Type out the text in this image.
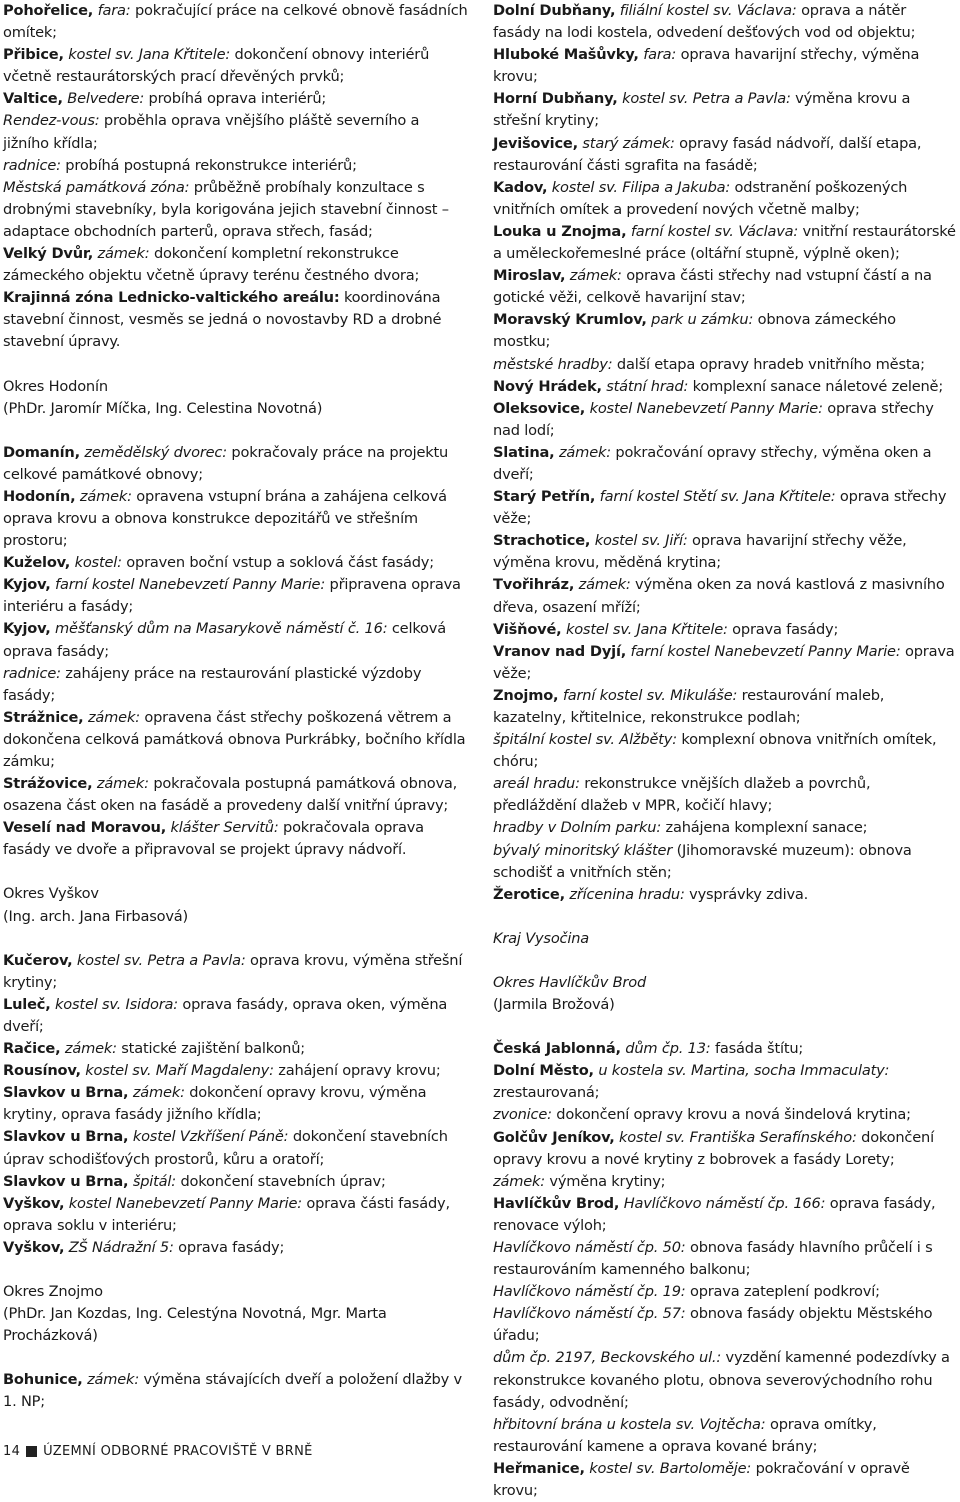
Pohořelice, fara: pokračující práce na celkové obnově fasádních omítek;

Přibice, kostel sv. Jana Křtitele: dokončení obnovy interiérů včetně restaurátorských prací dřevěných prvků;

Valtice, Belvedere: probíhá oprava interiérů;

Rendez-vous: proběhla oprava vnějšího pláště severního a jižního křídla;

radnice: probíhá postupná rekonstrukce interiérů;

Městská památková zóna: průběžně probíhaly konzultace s drobnými stavebníky, byla korigována jejich stavební činnost – adaptace obchodních parterů, oprava střech, fasád;

Velký Dvůr, zámek: dokončení kompletní rekonstrukce zámeckého objektu včetně úpravy terénu čestného dvora;

Krajinná zóna Lednicko-valtického areálu: koordinována stavební činnost, vesměs se jedná o novostavby RD a drobné stavební úpravy.

Okres Hodonín

(PhDr. Jaromír Míčka, Ing. Celestina Novotná)

Domanín, zemědělský dvorec: pokračovaly práce na projektu celkové památkové obnovy;

Hodonín, zámek: opravena vstupní brána a zahájena celková oprava krovu a obnova konstrukce depozitářů ve střešním prostoru;

Kuželov, kostel: opraven boční vstup a soklová část fasády;

Kyjov, farní kostel Nanebevzetí Panny Marie: připravena oprava interiéru a fasády;

Kyjov, měšťanský dům na Masarykově náměstí č. 16: celková oprava fasády;

radnice: zahájeny práce na restaurování plastické výzdoby fasády;

Strážnice, zámek: opravena část střechy poškozená větrem a dokončena celková památková obnova Purkrábky, bočního křídla zámku;

Strážovice, zámek: pokračovala postupná památková obnova, osazena část oken na fasádě a provedeny další vnitřní úpravy;

Veselí nad Moravou, klášter Servitů: pokračovala oprava fasády ve dvoře a připravoval se projekt úpravy nádvoří.

Okres Vyškov

(Ing. arch. Jana Firbasová)

Kučerov, kostel sv. Petra a Pavla: oprava krovu, výměna střešní krytiny;

Luleč, kostel sv. Isidora: oprava fasády, oprava oken, výměna dveří;

Račice, zámek: statické zajištění balkonů;

Rousínov, kostel sv. Maří Magdaleny: zahájení opravy krovu;

Slavkov u Brna, zámek: dokončení opravy krovu, výměna krytiny, oprava fasády jižního křídla;

Slavkov u Brna, kostel Vzkříšení Páně: dokončení stavebních úprav schodišťových prostorů, kůru a oratoří;

Slavkov u Brna, špitál: dokončení stavebních úprav;

Vyškov, kostel Nanebevzetí Panny Marie: oprava části fasády, oprava soklu v interiéru;

Vyškov, ZŠ Nádražní 5: oprava fasády;

Okres Znojmo

(PhDr. Jan Kozdas, Ing. Celestýna Novotná, Mgr. Marta Procházková)

Bohunice, zámek: výměna stávajících dveří a položení dlažby v 1. NP;

Dolní Dubňany, filiální kostel sv. Václava: oprava a nátěr fasády na lodi kostela, odvedení dešťových vod od objektu;

Hluboké Mašůvky, fara: oprava havarijní střechy, výměna krovu;

Horní Dubňany, kostel sv. Petra a Pavla: výměna krovu a střešní krytiny;

Jevišovice, starý zámek: opravy fasád nádvoří, další etapa, restaurování části sgrafita na fasádě;

Kadov, kostel sv. Filipa a Jakuba: odstranění poškozených vnitřních omítek a provedení nových včetně malby;

Louka u Znojma, farní kostel sv. Václava: vnitřní restaurátorské a uměleckořemeslné práce (oltářní stupně, výplně oken);

Miroslav, zámek: oprava části střechy nad vstupní částí a na gotické věži, celkově havarijní stav;

Moravský Krumlov, park u zámku: obnova zámeckého mostku;

městské hradby: další etapa opravy hradeb vnitřního města;

Nový Hrádek, státní hrad: komplexní sanace náletové zeleně;

Oleksovice, kostel Nanebevzetí Panny Marie: oprava střechy nad lodí;

Slatina, zámek: pokračování opravy střechy, výměna oken a dveří;

Starý Petřín, farní kostel Stětí sv. Jana Křtitele: oprava střechy věže;

Strachotice, kostel sv. Jiří: oprava havarijní střechy věže, výměna krovu, měděná krytina;

Tvořihráz, zámek: výměna oken za nová kastlová z masivního dřeva, osazení mříží;

Višňové, kostel sv. Jana Křtitele: oprava fasády;

Vranov nad Dyjí, farní kostel Nanebevzetí Panny Marie: oprava věže;

Znojmo, farní kostel sv. Mikuláše: restaurování maleb, kazatelny, křtitelnice, rekonstrukce podlah;

špitální kostel sv. Alžběty: komplexní obnova vnitřních omítek, chóru;

areál hradu: rekonstrukce vnějších dlažeb a povrchů, předláždění dlažeb v MPR, kočičí hlavy;

hradby v Dolním parku: zahájena komplexní sanace;

bývalý minoritský klášter (Jihomoravské muzeum): obnova schodišť a vnitřních stěn;

Žerotice, zřícenina hradu: vysprávky zdiva.

Kraj Vysočina

Okres Havlíčkův Brod

(Jarmila Brožová)

Česká Jablonná, dům čp. 13: fasáda štítu;

Dolní Město, u kostela sv. Martina, socha Immaculaty: zrestaurovaná;

zvonice: dokončení opravy krovu a nová šindelová krytina;

Golčův Jeníkov, kostel sv. Františka Serafínského: dokončení opravy krovu a nové krytiny z bobrovek a fasády Lorety;

zámek: výměna krytiny;

Havlíčkův Brod, Havlíčkovo náměstí čp. 166: oprava fasády, renovace výloh;

Havlíčkovo náměstí čp. 50: obnova fasády hlavního průčelí i s restaurováním kamenného balkonu;

Havlíčkovo náměstí čp. 19: oprava zateplení podkroví;

Havlíčkovo náměstí čp. 57: obnova fasády objektu Městského úřadu;

dům čp. 2197, Beckovského ul.: vyzdění kamenné podezdívky a rekonstrukce kovaného plotu, obnova severovýchodního rohu fasády, odvodnění;

hřbitovní brána u kostela sv. Vojtěcha: oprava omítky, restaurování kamene a oprava kované brány;

Heřmanice, kostel sv. Bartoloměje: pokračování v opravě krovu;

14 ÚZEMNÍ ODBORNÉ PRACOVIŠTĚ V BRNĚ
